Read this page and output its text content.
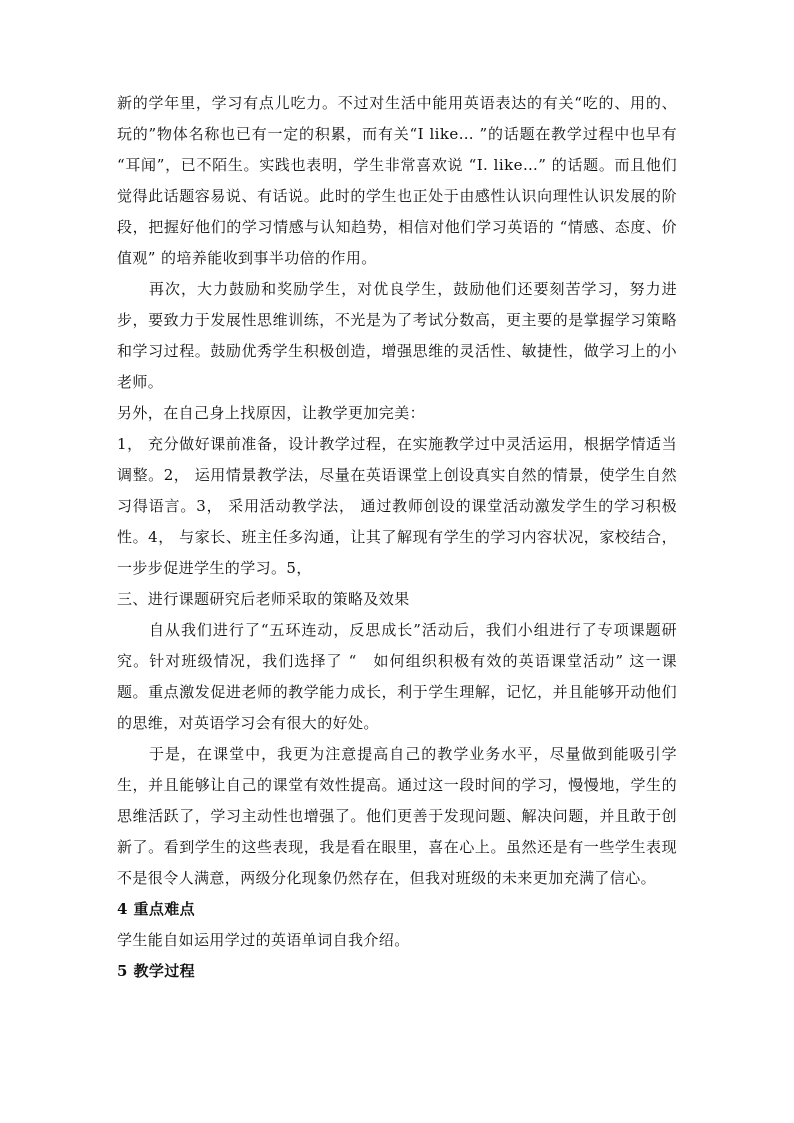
新的学年里，学习有点儿吃力。不过对生活中能用英语表达的有关“吃的、用的、玩的”物体名称也已有一定的积累，而有关“I like… ”的话题在教学过程中也早有 “耳闻”，已不陌生。实践也表明，学生非常喜欢说 “I. like…” 的话题。而且他们觉得此话题容易说、有话说。此时的学生也正处于由感性认识向理性认识发展的阶段，把握好他们的学习情感与认知趋势，相信对他们学习英语的 “情感、态度、价值观” 的培养能收到事半功倍的作用。

再次，大力鼓励和奖励学生，对优良学生，鼓励他们还要刻苦学习，努力进步，要致力于发展性思维训练，不光是为了考试分数高，更主要的是掌握学习策略和学习过程。鼓励优秀学生积极创造，增强思维的灵活性、敏捷性，做学习上的小老师。

另外，在自己身上找原因，让教学更加完美：

1， 充分做好课前准备，设计教学过程，在实施教学过中灵活运用，根据学情适当调整。2， 运用情景教学法，尽量在英语课堂上创设真实自然的情景，使学生自然习得语言。3， 采用活动教学法， 通过教师创设的课堂活动激发学生的学习积极性。4， 与家长、班主任多沟通，让其了解现有学生的学习内容状况，家校结合，一步步促进学生的学习。5，

三、进行课题研究后老师采取的策略及效果

自从我们进行了“五环连动，反思成长”活动后，我们小组进行了专项课题研究。针对班级情况，我们选择了 “　如何组织积极有效的英语课堂活动” 这一课题。重点激发促进老师的教学能力成长，利于学生理解，记忆，并且能够开动他们的思维，对英语学习会有很大的好处。

于是，在课堂中，我更为注意提高自己的教学业务水平，尽量做到能吸引学生，并且能够让自己的课堂有效性提高。通过这一段时间的学习，慢慢地，学生的思维活跃了，学习主动性也增强了。他们更善于发现问题、解决问题，并且敢于创新了。看到学生的这些表现，我是看在眼里，喜在心上。虽然还是有一些学生表现不是很令人满意，两级分化现象仍然存在，但我对班级的未来更加充满了信心。

4 重点难点

学生能自如运用学过的英语单词自我介绍。

5 教学过程
